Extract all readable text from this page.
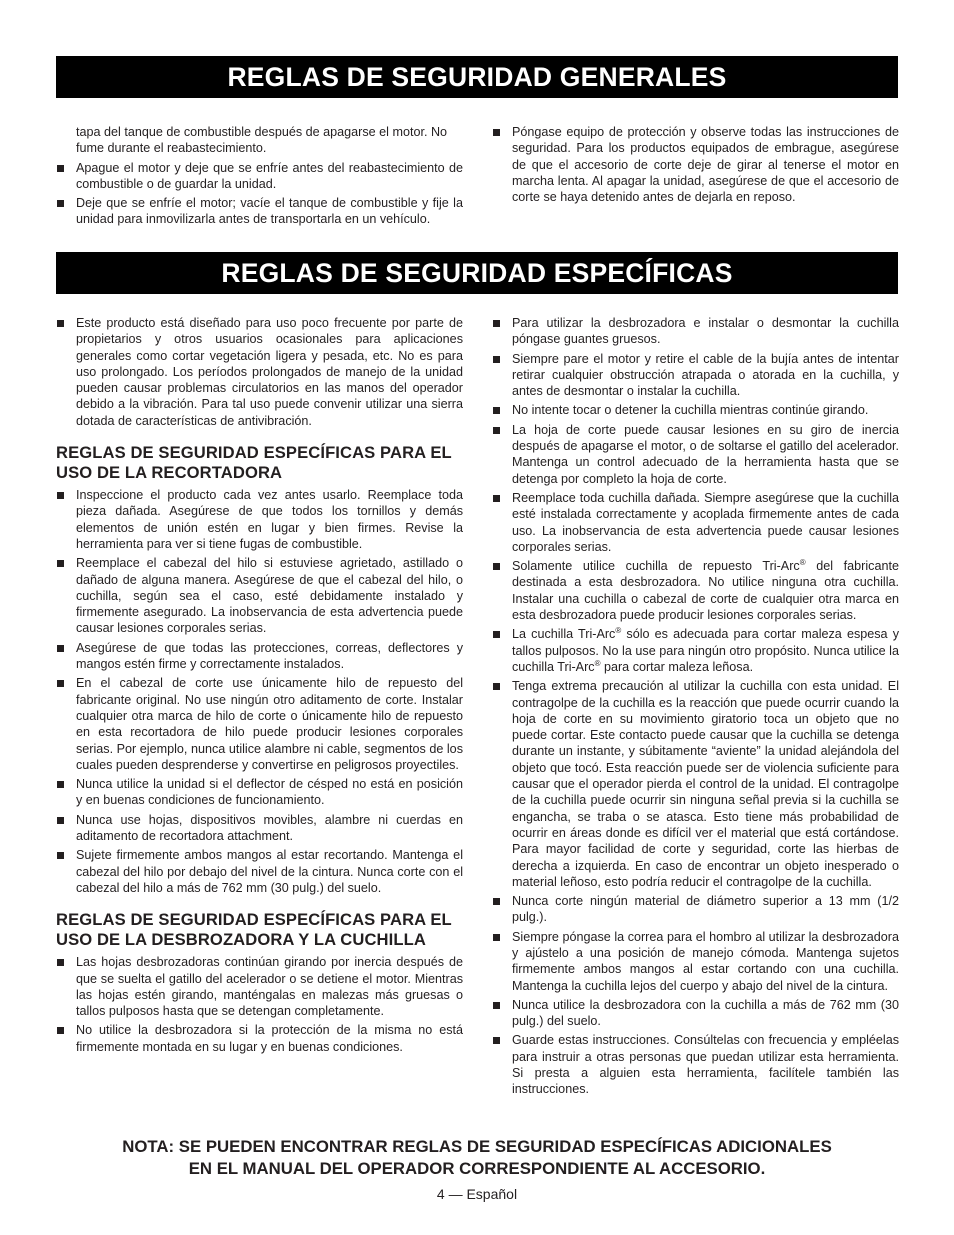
REGLAS DE SEGURIDAD GENERALES

tapa del tanque de combustible después de apagarse el motor. No fume durante el reabastecimiento.

Apague el motor y deje que se enfríe antes del reabastecimiento de combustible o de guardar la unidad.
Deje que se enfríe el motor; vacíe el tanque de combustible y fije la unidad para inmovilizarla antes de transportarla en un vehículo.
Póngase equipo de protección y observe todas las instrucciones de seguridad. Para los productos equipados de embrague, asegúrese de que el accesorio de corte deje de girar al tenerse el motor en marcha lenta. Al apagar la unidad, asegúrese de que el accesorio de corte se haya detenido antes de dejarla en reposo.
REGLAS DE SEGURIDAD ESPECÍFICAS
Este producto está diseñado para uso poco frecuente por parte de propietarios y otros usuarios ocasionales para aplicaciones generales como cortar vegetación ligera y pesada, etc. No es para uso prolongado. Los períodos prolongados de manejo de la unidad pueden causar problemas circulatorios en las manos del operador debido a la vibración. Para tal uso puede convenir utilizar una sierra dotada de características de antivibración.
REGLAS DE SEGURIDAD ESPECÍFICAS PARA EL USO DE LA RECORTADORA
Inspeccione el producto cada vez antes usarlo. Reemplace toda pieza dañada. Asegúrese de que todos los tornillos y demás elementos de unión estén en lugar y bien firmes. Revise la herramienta para ver si tiene fugas de combustible.
Reemplace el cabezal del hilo si estuviese agrietado, astillado o dañado de alguna manera. Asegúrese de que el cabezal del hilo, o cuchilla, según sea el caso, esté debidamente instalado y firmemente asegurado. La inobservancia de esta advertencia puede causar lesiones corporales serias.
Asegúrese de que todas las protecciones, correas, deflectores y mangos estén firme y correctamente instalados.
En el cabezal de corte use únicamente hilo de repuesto del fabricante original. No use ningún otro aditamento de corte. Instalar cualquier otra marca de hilo de corte o únicamente hilo de repuesto en esta recortadora de hilo puede producir lesiones corporales serias. Por ejemplo, nunca utilice alambre ni cable, segmentos de los cuales pueden desprenderse y convertirse en peligrosos proyectiles.
Nunca utilice la unidad si el deflector de césped no está en posición y en buenas condiciones de funcionamiento.
Nunca use hojas, dispositivos movibles, alambre ni cuerdas en aditamento de recortadora attachment.
Sujete firmemente ambos mangos al estar recortando. Mantenga el cabezal del hilo por debajo del nivel de la cintura. Nunca corte con el cabezal del hilo a más de 762 mm (30 pulg.) del suelo.
REGLAS DE SEGURIDAD ESPECÍFICAS PARA EL USO DE LA DESBROZADORA Y LA CUCHILLA
Las hojas desbrozadoras continúan girando por inercia después de que se suelta el gatillo del acelerador o se detiene el motor. Mientras las hojas estén girando, manténgalas en malezas más gruesas o tallos pulposos hasta que se detengan completamente.
No utilice la desbrozadora si la protección de la misma no está firmemente montada en su lugar y en buenas condiciones.
Para utilizar la desbrozadora e instalar o desmontar la cuchilla póngase guantes gruesos.
Siempre pare el motor y retire el cable de la bujía antes de intentar retirar cualquier obstrucción atrapada o atorada en la cuchilla, y antes de desmontar o instalar la cuchilla.
No intente tocar o detener la cuchilla mientras continúe girando.
La hoja de corte puede causar lesiones en su giro de inercia después de apagarse el motor, o de soltarse el gatillo del acelerador. Mantenga un control adecuado de la herramienta hasta que se detenga por completo la hoja de corte.
Reemplace toda cuchilla dañada. Siempre asegúrese que la cuchilla esté instalada correctamente y acoplada firmemente antes de cada uso. La inobservancia de esta advertencia puede causar lesiones corporales serias.
Solamente utilice cuchilla de repuesto Tri-Arc® del fabricante destinada a esta desbrozadora. No utilice ninguna otra cuchilla. Instalar una cuchilla o cabezal de corte de cualquier otra marca en esta desbrozadora puede producir lesiones corporales serias.
La cuchilla Tri-Arc® sólo es adecuada para cortar maleza espesa y tallos pulposos. No la use para ningún otro propósito. Nunca utilice la cuchilla Tri-Arc® para cortar maleza leñosa.
Tenga extrema precaución al utilizar la cuchilla con esta unidad. El contragolpe de la cuchilla es la reacción que puede ocurrir cuando la hoja de corte en su movimiento giratorio toca un objeto que no puede cortar. Este contacto puede causar que la cuchilla se detenga durante un instante, y súbitamente “aviente” la unidad alejándola del objeto que tocó. Esta reacción puede ser de violencia suficiente para causar que el operador pierda el control de la unidad. El contragolpe de la cuchilla puede ocurrir sin ninguna señal previa si la cuchilla se engancha, se traba o se atasca. Esto tiene más probabilidad de ocurrir en áreas donde es difícil ver el material que está cortándose. Para mayor facilidad de corte y seguridad, corte las hierbas de derecha a izquierda. En caso de encontrar un objeto inesperado o material leñoso, esto podría reducir el contragolpe de la cuchilla.
Nunca corte ningún material de diámetro superior a 13 mm (1/2 pulg.).
Siempre póngase la correa para el hombro al utilizar la desbrozadora y ajústelo a una posición de manejo cómoda. Mantenga sujetos firmemente ambos mangos al estar cortando con una cuchilla. Mantenga la cuchilla lejos del cuerpo y abajo del nivel de la cintura.
Nunca utilice la desbrozadora con la cuchilla a más de 762 mm (30 pulg.) del suelo.
Guarde estas instrucciones. Consúltelas con frecuencia y empléelas para instruir a otras personas que puedan utilizar esta herramienta. Si presta a alguien esta herramienta, facilítele también las instrucciones.
NOTA: SE PUEDEN ENCONTRAR REGLAS DE SEGURIDAD ESPECÍFICAS ADICIONALES
EN EL MANUAL DEL OPERADOR CORRESPONDIENTE AL ACCESORIO.
4 — Español
